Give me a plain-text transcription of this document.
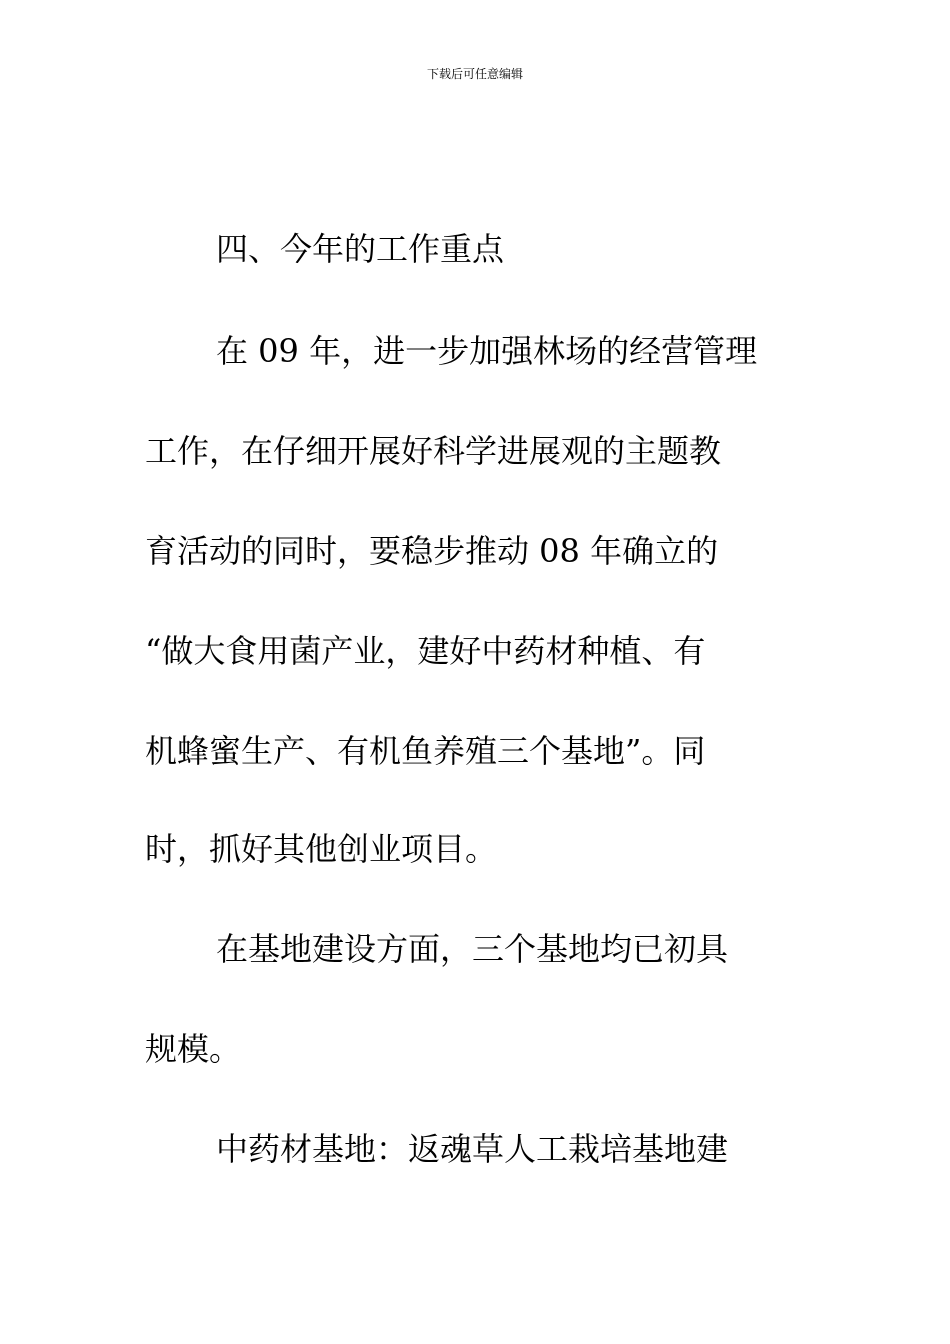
下载后可任意编辑
四、今年的工作重点
在 09 年，进一步加强林场的经营管理
工作，在仔细开展好科学进展观的主题教
育活动的同时，要稳步推动 08 年确立的
“做大食用菌产业，建好中药材种植、有
机蜂蜜生产、有机鱼养殖三个基地”。同
时，抓好其他创业项目。
在基地建设方面，三个基地均已初具
规模。
中药材基地：返魂草人工栽培基地建
